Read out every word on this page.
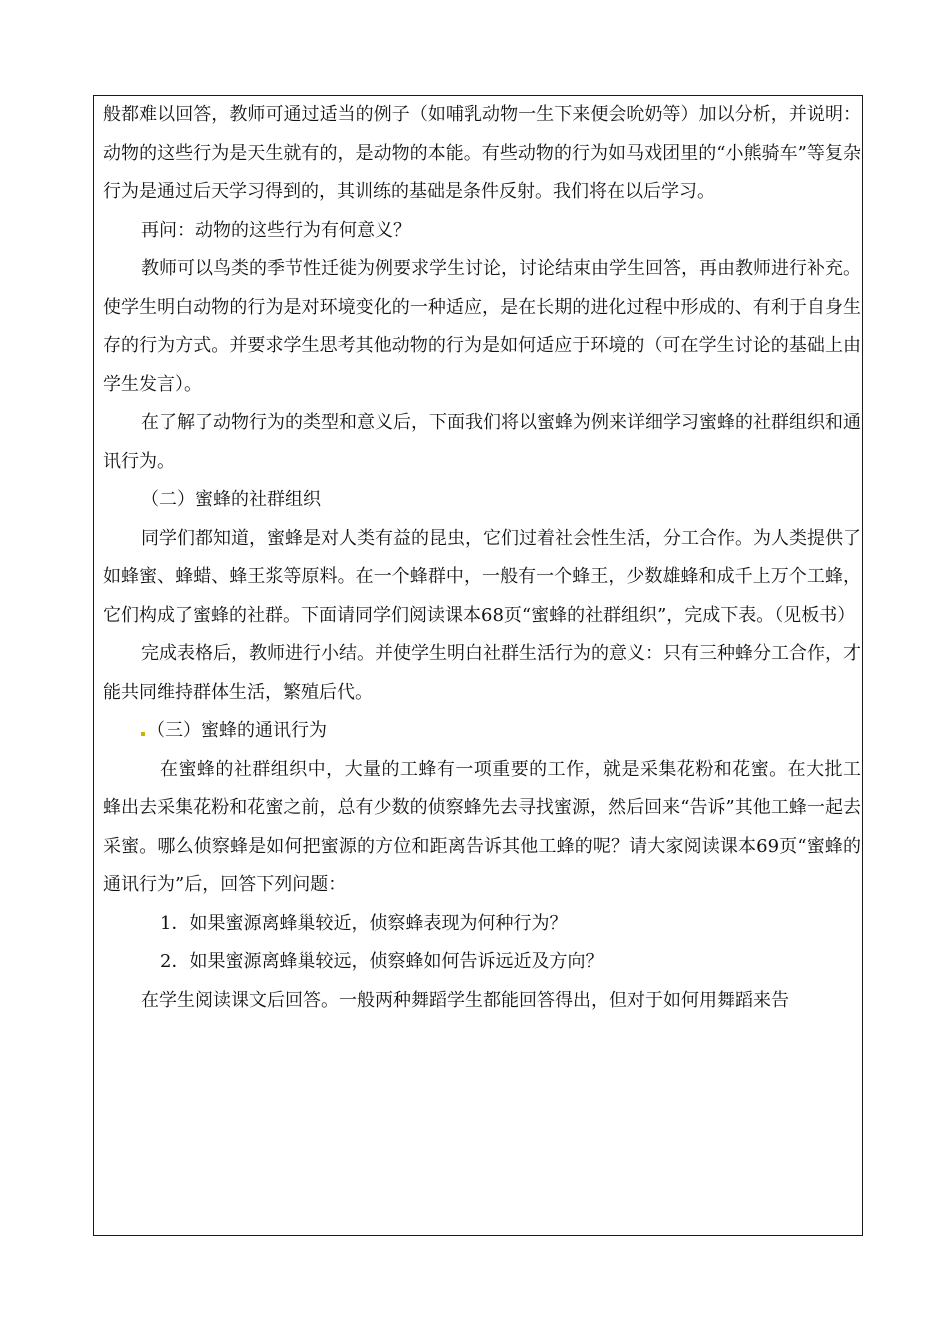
般都难以回答，教师可通过适当的例子（如哺乳动物一生下来便会吮奶等）加以分析，并说明：动物的这些行为是天生就有的，是动物的本能。有些动物的行为如马戏团里的“小熊骑车”等复杂行为是通过后天学习得到的，其训练的基础是条件反射。我们将在以后学习。

再问：动物的这些行为有何意义？

教师可以鸟类的季节性迁徙为例要求学生讨论，讨论结束由学生回答，再由教师进行补充。使学生明白动物的行为是对环境变化的一种适应，是在长期的进化过程中形成的、有利于自身生存的行为方式。并要求学生思考其他动物的行为是如何适应于环境的（可在学生讨论的基础上由学生发言）。

在了解了动物行为的类型和意义后，下面我们将以蜜蜂为例来详细学习蜜蜂的社群组织和通讯行为。

（二）蜜蜂的社群组织

同学们都知道，蜜蜂是对人类有益的昆虫，它们过着社会性生活，分工合作。为人类提供了如蜂蜜、蜂蜡、蜂王浆等原料。在一个蜂群中，一般有一个蜂王，少数雄蜂和成千上万个工蜂，它们构成了蜜蜂的社群。下面请同学们阅读课本68页“蜜蜂的社群组织”，完成下表。（见板书）

完成表格后，教师进行小结。并使学生明白社群生活行为的意义：只有三种蜂分工合作，才能共同维持群体生活，繁殖后代。

（三）蜜蜂的通讯行为

在蜜蜂的社群组织中，大量的工蜂有一项重要的工作，就是采集花粉和花蜜。在大批工蜂出去采集花粉和花蜜之前，总有少数的侦察蜂先去寻找蜜源，然后回来“告诉”其他工蜂一起去采蜜。哪么侦察蜂是如何把蜜源的方位和距离告诉其他工蜂的呢？请大家阅读课本69页“蜜蜂的通讯行为”后，回答下列问题：

1．如果蜜源离蜂巢较近，侦察蜂表现为何种行为？

2．如果蜜源离蜂巢较远，侦察蜂如何告诉远近及方向？

在学生阅读课文后回答。一般两种舞蹈学生都能回答得出，但对于如何用舞蹈来告
